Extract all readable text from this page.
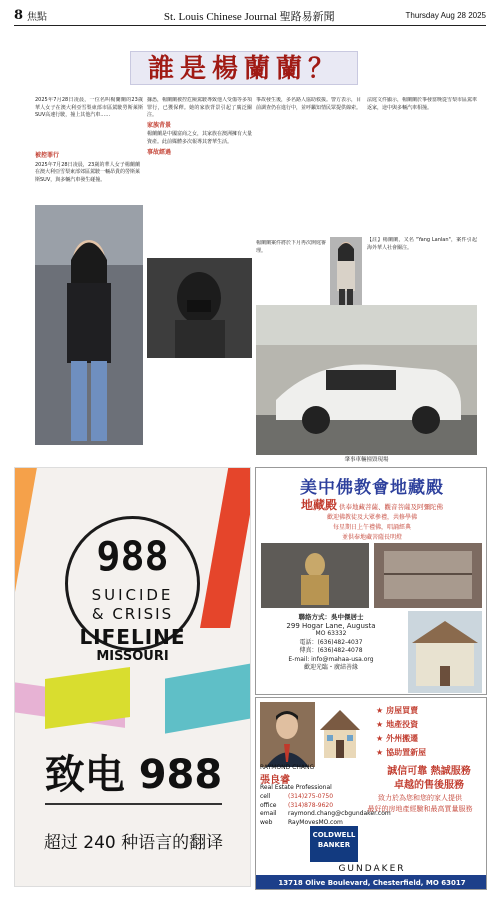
8 焦點	St. Louis Chinese Journal 聖路易新聞	Thursday Aug 28 2025
誰是楊蘭蘭？
2025年7月28日凌晨，一位名叫楊蘭蘭的23歲華人女子在澳大利亞雪梨東部市區駕駛勞斯萊斯SUV高速行駛，撞上其他汽車……
被控罪行
2025年7月28日凌晨，23歲的華人女子楊蘭蘭在澳大利亞雪梨東部郊區駕駛一輛昂貴的勞斯萊斯SUV，與多輛汽車發生碰撞。
據悉，楊蘭蘭被控危險駕駛導致他人受傷等多項罪行，已獲保釋。她的家族背景引起了廣泛關注。
家族背景
楊蘭蘭是中國富商之女，其家族在澳洲擁有大量資產。此前媒體多次報導其奢華生活。
事故經過
事故發生後，多名路人協助救援。警方表示，目前調查仍在進行中，並呼籲知情民眾提供線索。
楊蘭蘭案件將於下月再次開庭審理。
法庭文件顯示，楊蘭蘭於事發當晚從雪梨市區駕車返家，途中與多輛汽車相撞。
【註】楊蘭蘭，又名 "Yang Lanlan"，案件引起海外華人社會關注。
肇事車輛撞毀現場
988
SUICIDE
& CRISIS
LIFELINE
MISSOURI
致电 988
超过 240 种语言的翻译
美中佛教會地藏殿
地藏殿 供奉地藏菩薩、觀音菩薩及阿彌陀佛
歡迎佛教徒及大眾參禮，共修學佛
每星期日上午禮佛，唱誦經典
並供奉地藏菩薩長明燈
聯絡方式：吳中傑居士
299 Hogar Lane, Augusta
MO 63332
電話：(636)482-4037
傳真：(636)482-4078
E-mail: info@mahaa-usa.org
歡迎光臨・廣結善緣
★ 房屋買賣
★ 地產投資
★ 外州搬遷
★ 協助置新屋
誠信可靠 熱誠服務
卓越的售後服務
致力於為您和您的家人提供
最好的房地產經驗和最高質量服務
RAYMOND CHANG
張良睿
Real Estate Professional
cell	(314)275-0750
office (314)878-9620
email raymond.chang@cbgundaker.com
web	RayMovesMO.com
COLDWELL
BANKER
GUNDAKER
13718 Olive Boulevard, Chesterfield, MO 63017
